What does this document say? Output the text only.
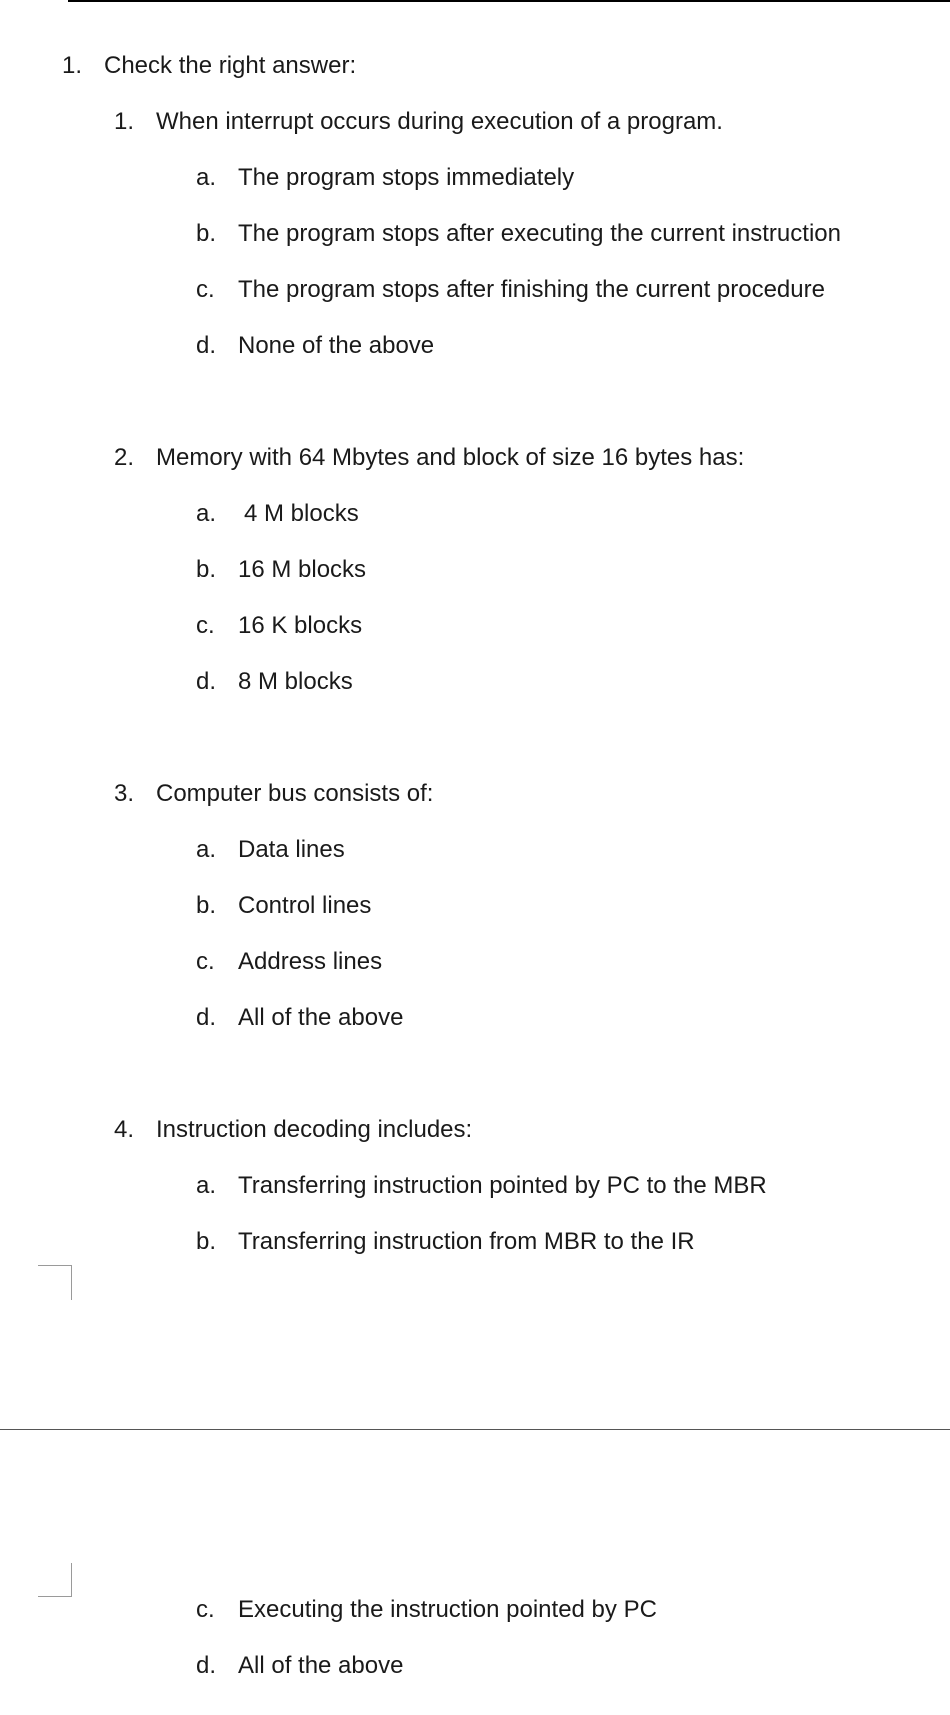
1. Check the right answer:
1. When interrupt occurs during execution of a program.
a. The program stops immediately
b. The program stops after executing the current instruction
c. The program stops after finishing the current procedure
d. None of the above
2. Memory with 64 Mbytes and block of size 16 bytes has:
a. 4 M blocks
b. 16 M blocks
c. 16 K blocks
d. 8 M blocks
3. Computer bus consists of:
a. Data lines
b. Control lines
c. Address lines
d. All of the above
4. Instruction decoding includes:
a. Transferring instruction pointed by PC to the MBR
b. Transferring instruction from MBR to the IR
c. Executing the instruction pointed by PC
d. All of the above
